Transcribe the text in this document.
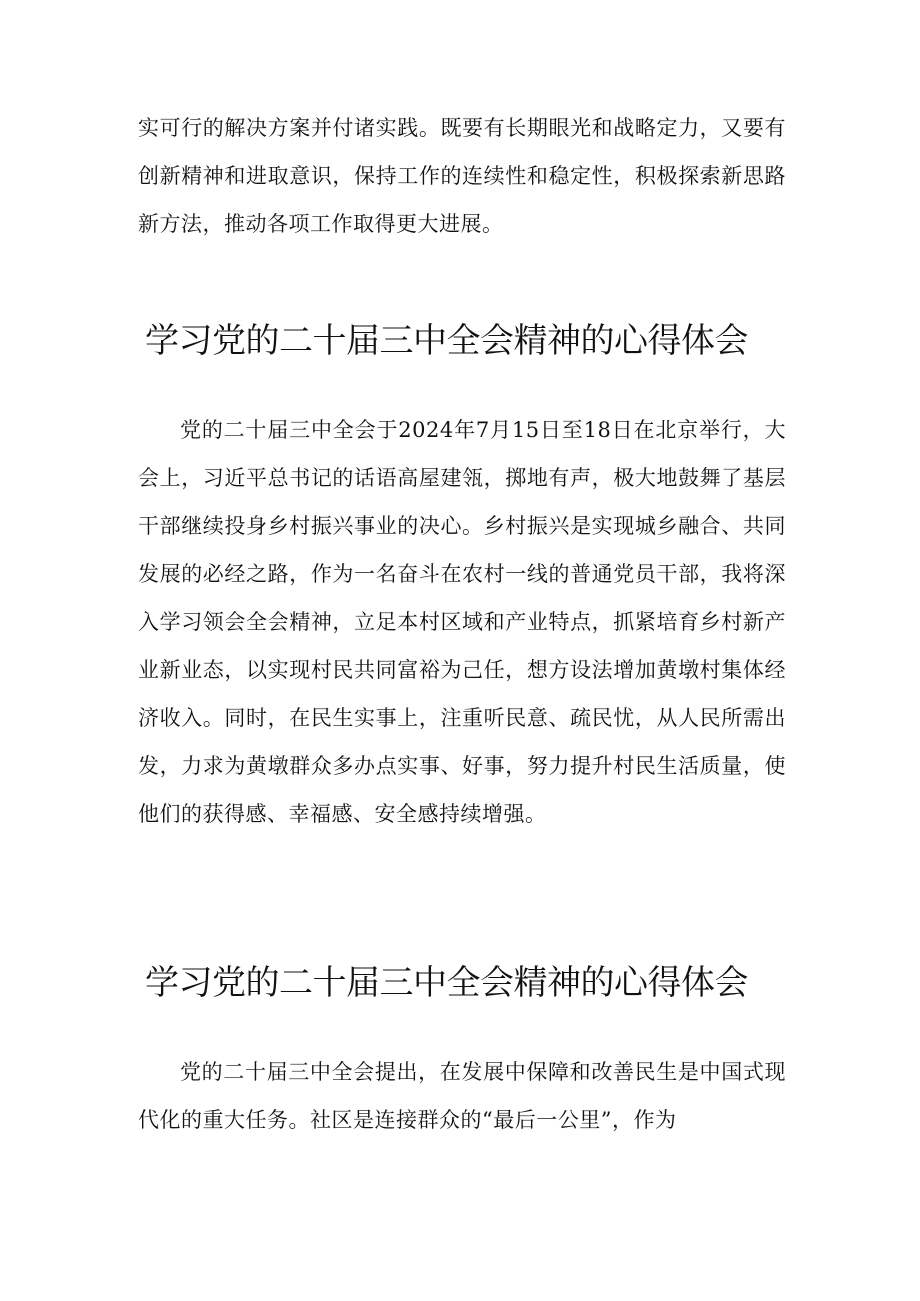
实可行的解决方案并付诸实践。既要有长期眼光和战略定力，又要有创新精神和进取意识，保持工作的连续性和稳定性，积极探索新思路新方法，推动各项工作取得更大进展。

学习党的二十届三中全会精神的心得体会

党的二十届三中全会于2024年7月15日至18日在北京举行，大会上，习近平总书记的话语高屋建瓴，掷地有声，极大地鼓舞了基层干部继续投身乡村振兴事业的决心。乡村振兴是实现城乡融合、共同发展的必经之路，作为一名奋斗在农村一线的普通党员干部，我将深入学习领会全会精神，立足本村区域和产业特点，抓紧培育乡村新产业新业态，以实现村民共同富裕为己任，想方设法增加黄墩村集体经济收入。同时，在民生实事上，注重听民意、疏民忧，从人民所需出发，力求为黄墩群众多办点实事、好事，努力提升村民生活质量，使他们的获得感、幸福感、安全感持续增强。

学习党的二十届三中全会精神的心得体会

党的二十届三中全会提出，在发展中保障和改善民生是中国式现代化的重大任务。社区是连接群众的“最后一公里”，作为
